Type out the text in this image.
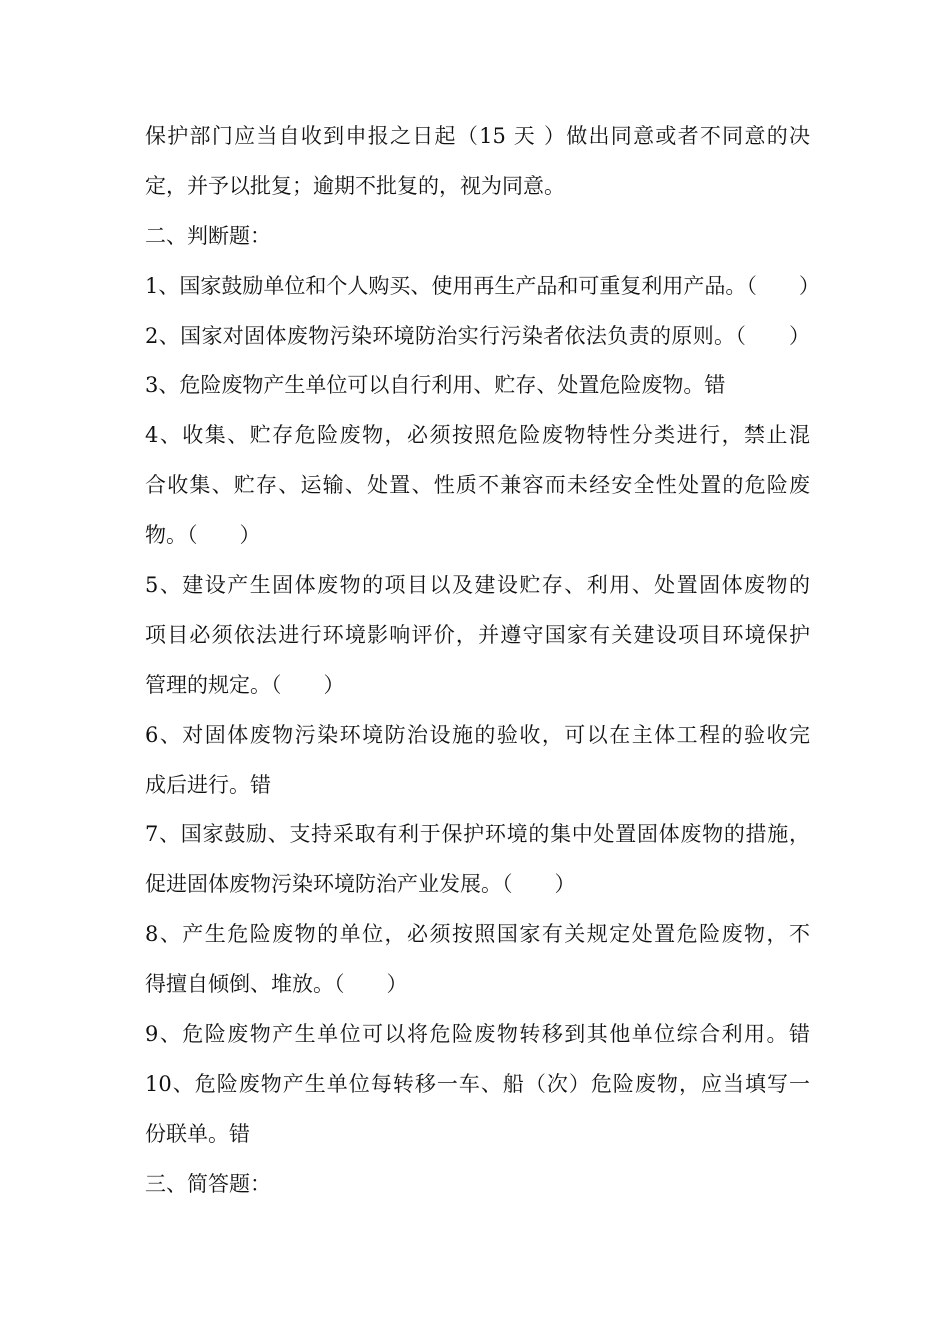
保护部门应当自收到申报之日起（15 天 ）做出同意或者不同意的决
定，并予以批复；逾期不批复的，视为同意。
二、判断题：
1、国家鼓励单位和个人购买、使用再生产品和可重复利用产品。（　　）
2、国家对固体废物污染环境防治实行污染者依法负责的原则。（　　）
3、危险废物产生单位可以自行利用、贮存、处置危险废物。错
4、收集、贮存危险废物，必须按照危险废物特性分类进行，禁止混
合收集、贮存、运输、处置、性质不兼容而未经安全性处置的危险废
物。（　　）
5、建设产生固体废物的项目以及建设贮存、利用、处置固体废物的
项目必须依法进行环境影响评价，并遵守国家有关建设项目环境保护
管理的规定。（　　）
6、对固体废物污染环境防治设施的验收，可以在主体工程的验收完
成后进行。错
7、国家鼓励、支持采取有利于保护环境的集中处置固体废物的措施，
促进固体废物污染环境防治产业发展。（　　）
8、产生危险废物的单位，必须按照国家有关规定处置危险废物，不
得擅自倾倒、堆放。（　　）
9、危险废物产生单位可以将危险废物转移到其他单位综合利用。错
10、危险废物产生单位每转移一车、船（次）危险废物，应当填写一
份联单。错
三、简答题：
